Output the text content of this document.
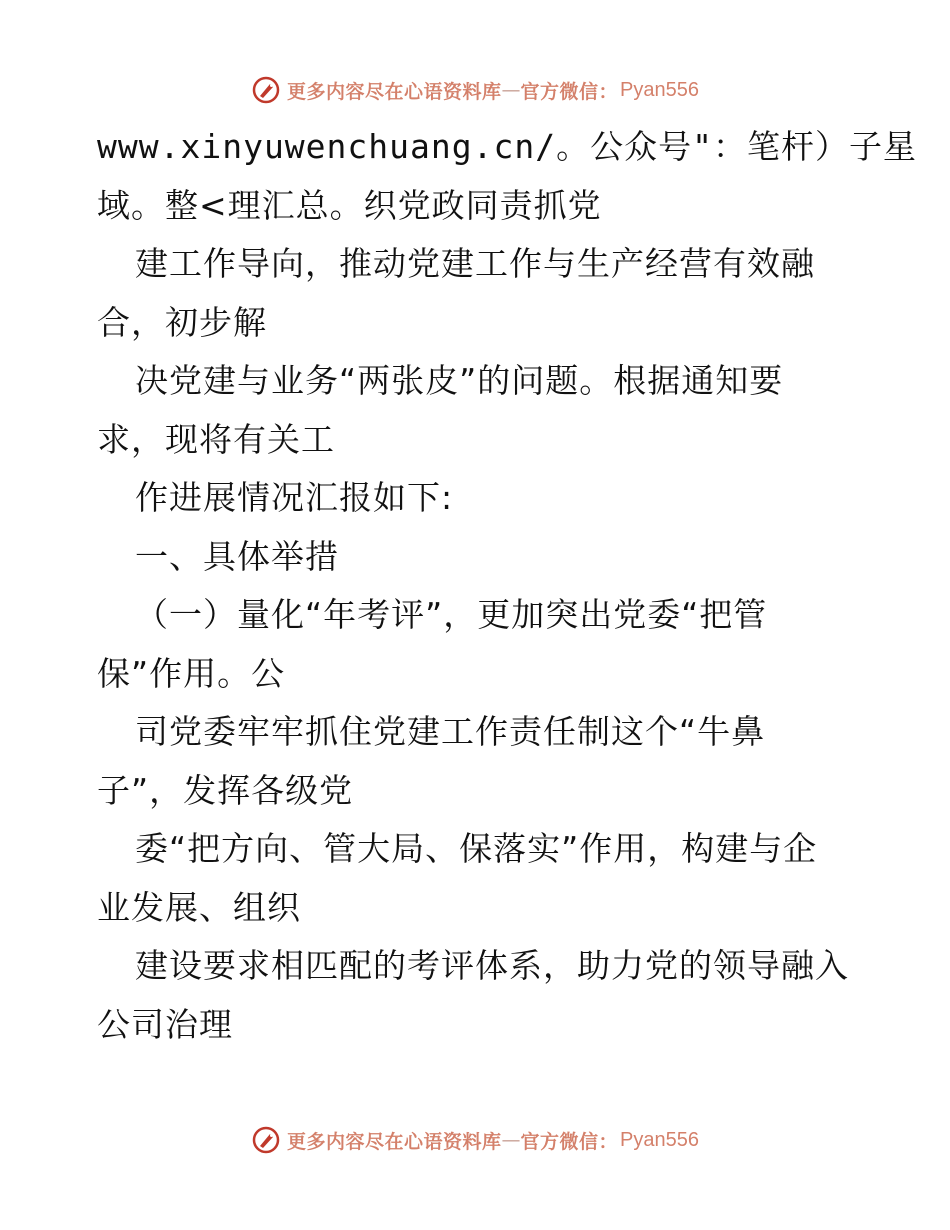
更多内容尽在心语资料库 — 官方微信： Pyan556
www.xinyuwenchuang.cn/。公众号"：笔杆）子星
域。整<理汇总。织党政同责抓党
建工作导向，推动党建工作与生产经营有效融
合，初步解
决党建与业务“两张皮”的问题。根据通知要
求，现将有关工
作进展情况汇报如下:
一、具体举措
（一）量化“年考评”，更加突出党委“把管
保”作用。公
司党委牢牢抓住党建工作责任制这个“牛鼻
子”，发挥各级党
委“把方向、管大局、保落实”作用，构建与企
业发展、组织
建设要求相匹配的考评体系，助力党的领导融入
公司治理
更多内容尽在心语资料库 — 官方微信： Pyan556
